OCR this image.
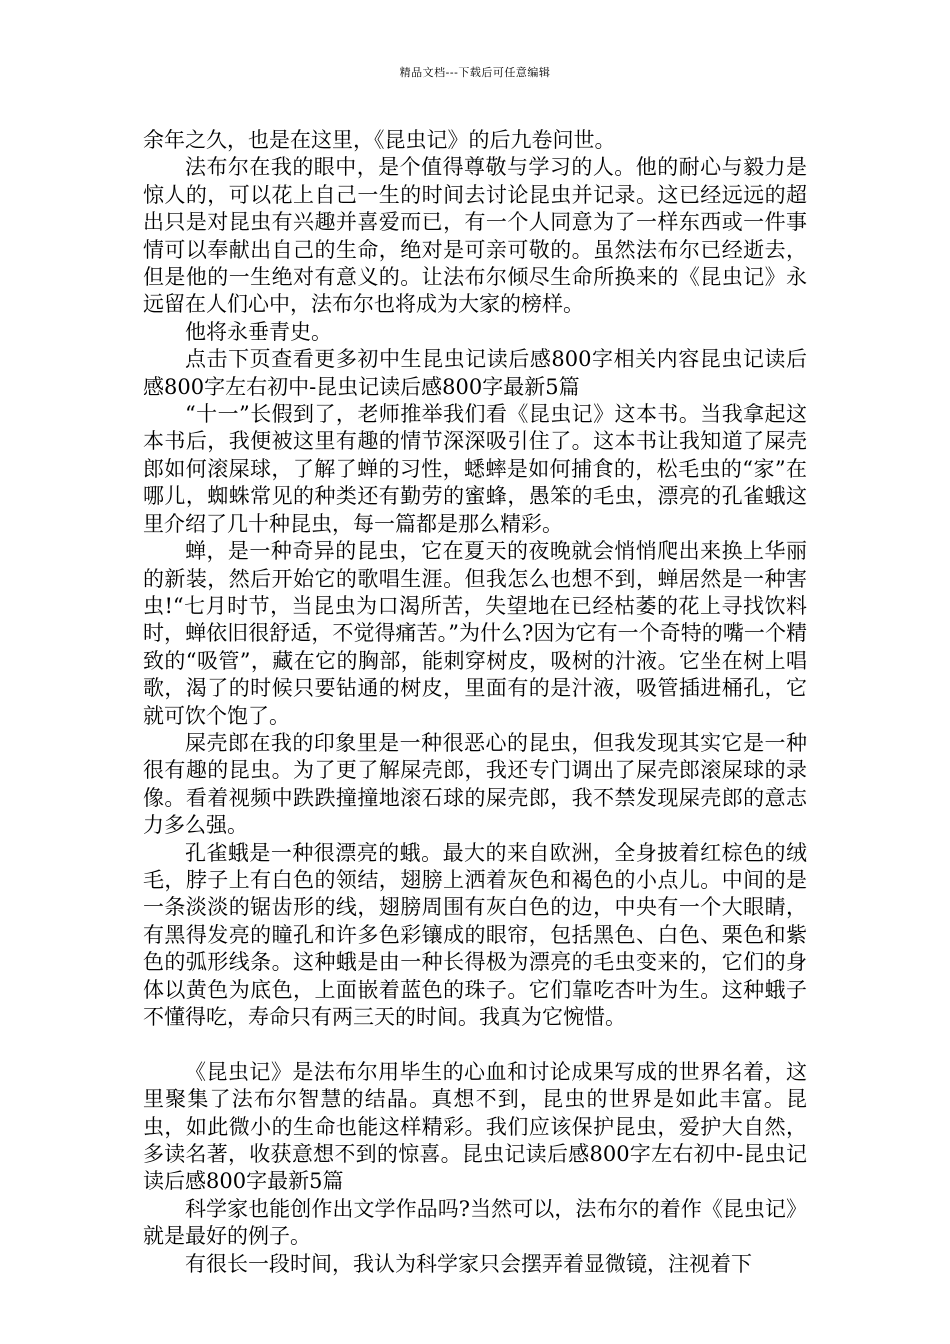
精品文档---下载后可任意编辑

余年之久，也是在这里，《昆虫记》的后九卷问世。

法布尔在我的眼中，是个值得尊敬与学习的人。他的耐心与毅力是惊人的，可以花上自己一生的时间去讨论昆虫并记录。这已经远远的超出只是对昆虫有兴趣并喜爱而已，有一个人同意为了一样东西或一件事情可以奉献出自己的生命，绝对是可亲可敬的。虽然法布尔已经逝去，但是他的一生绝对有意义的。让法布尔倾尽生命所换来的《昆虫记》永远留在人们心中，法布尔也将成为大家的榜样。

他将永垂青史。

点击下页查看更多初中生昆虫记读后感800字相关内容昆虫记读后感800字左右初中-昆虫记读后感800字最新5篇

“十一”长假到了，老师推举我们看《昆虫记》这本书。当我拿起这本书后，我便被这里有趣的情节深深吸引住了。这本书让我知道了屎壳郎如何滚屎球，了解了蝉的习性，蟋蟀是如何捕食的，松毛虫的“家”在哪儿，蜘蛛常见的种类还有勤劳的蜜蜂，愚笨的毛虫，漂亮的孔雀蛾这里介绍了几十种昆虫，每一篇都是那么精彩。

蝉，是一种奇异的昆虫，它在夏天的夜晚就会悄悄爬出来换上华丽的新装，然后开始它的歌唱生涯。但我怎么也想不到，蝉居然是一种害虫!“七月时节，当昆虫为口渴所苦，失望地在已经枯萎的花上寻找饮料时，蝉依旧很舒适，不觉得痛苦。”为什么?因为它有一个奇特的嘴一个精致的“吸管”，藏在它的胸部，能刺穿树皮，吸树的汁液。它坐在树上唱歌，渴了的时候只要钻通的树皮，里面有的是汁液，吸管插进桶孔，它就可饮个饱了。

屎壳郎在我的印象里是一种很恶心的昆虫，但我发现其实它是一种很有趣的昆虫。为了更了解屎壳郎，我还专门调出了屎壳郎滚屎球的录像。看着视频中跌跌撞撞地滚石球的屎壳郎，我不禁发现屎壳郎的意志力多么强。

孔雀蛾是一种很漂亮的蛾。最大的来自欧洲，全身披着红棕色的绒毛，脖子上有白色的领结，翅膀上洒着灰色和褐色的小点儿。中间的是一条淡淡的锯齿形的线，翅膀周围有灰白色的边，中央有一个大眼睛，有黑得发亮的瞳孔和许多色彩镶成的眼帘，包括黑色、白色、栗色和紫色的弧形线条。这种蛾是由一种长得极为漂亮的毛虫变来的，它们的身体以黄色为底色，上面嵌着蓝色的珠子。它们靠吃杏叶为生。这种蛾子不懂得吃，寿命只有两三天的时间。我真为它惋惜。

《昆虫记》是法布尔用毕生的心血和讨论成果写成的世界名着，这里聚集了法布尔智慧的结晶。真想不到，昆虫的世界是如此丰富。昆虫，如此微小的生命也能这样精彩。我们应该保护昆虫，爱护大自然，多读名著，收获意想不到的惊喜。昆虫记读后感800字左右初中-昆虫记读后感800字最新5篇

科学家也能创作出文学作品吗?当然可以，法布尔的着作《昆虫记》就是最好的例子。

有很长一段时间，我认为科学家只会摆弄着显微镜，注视着下
